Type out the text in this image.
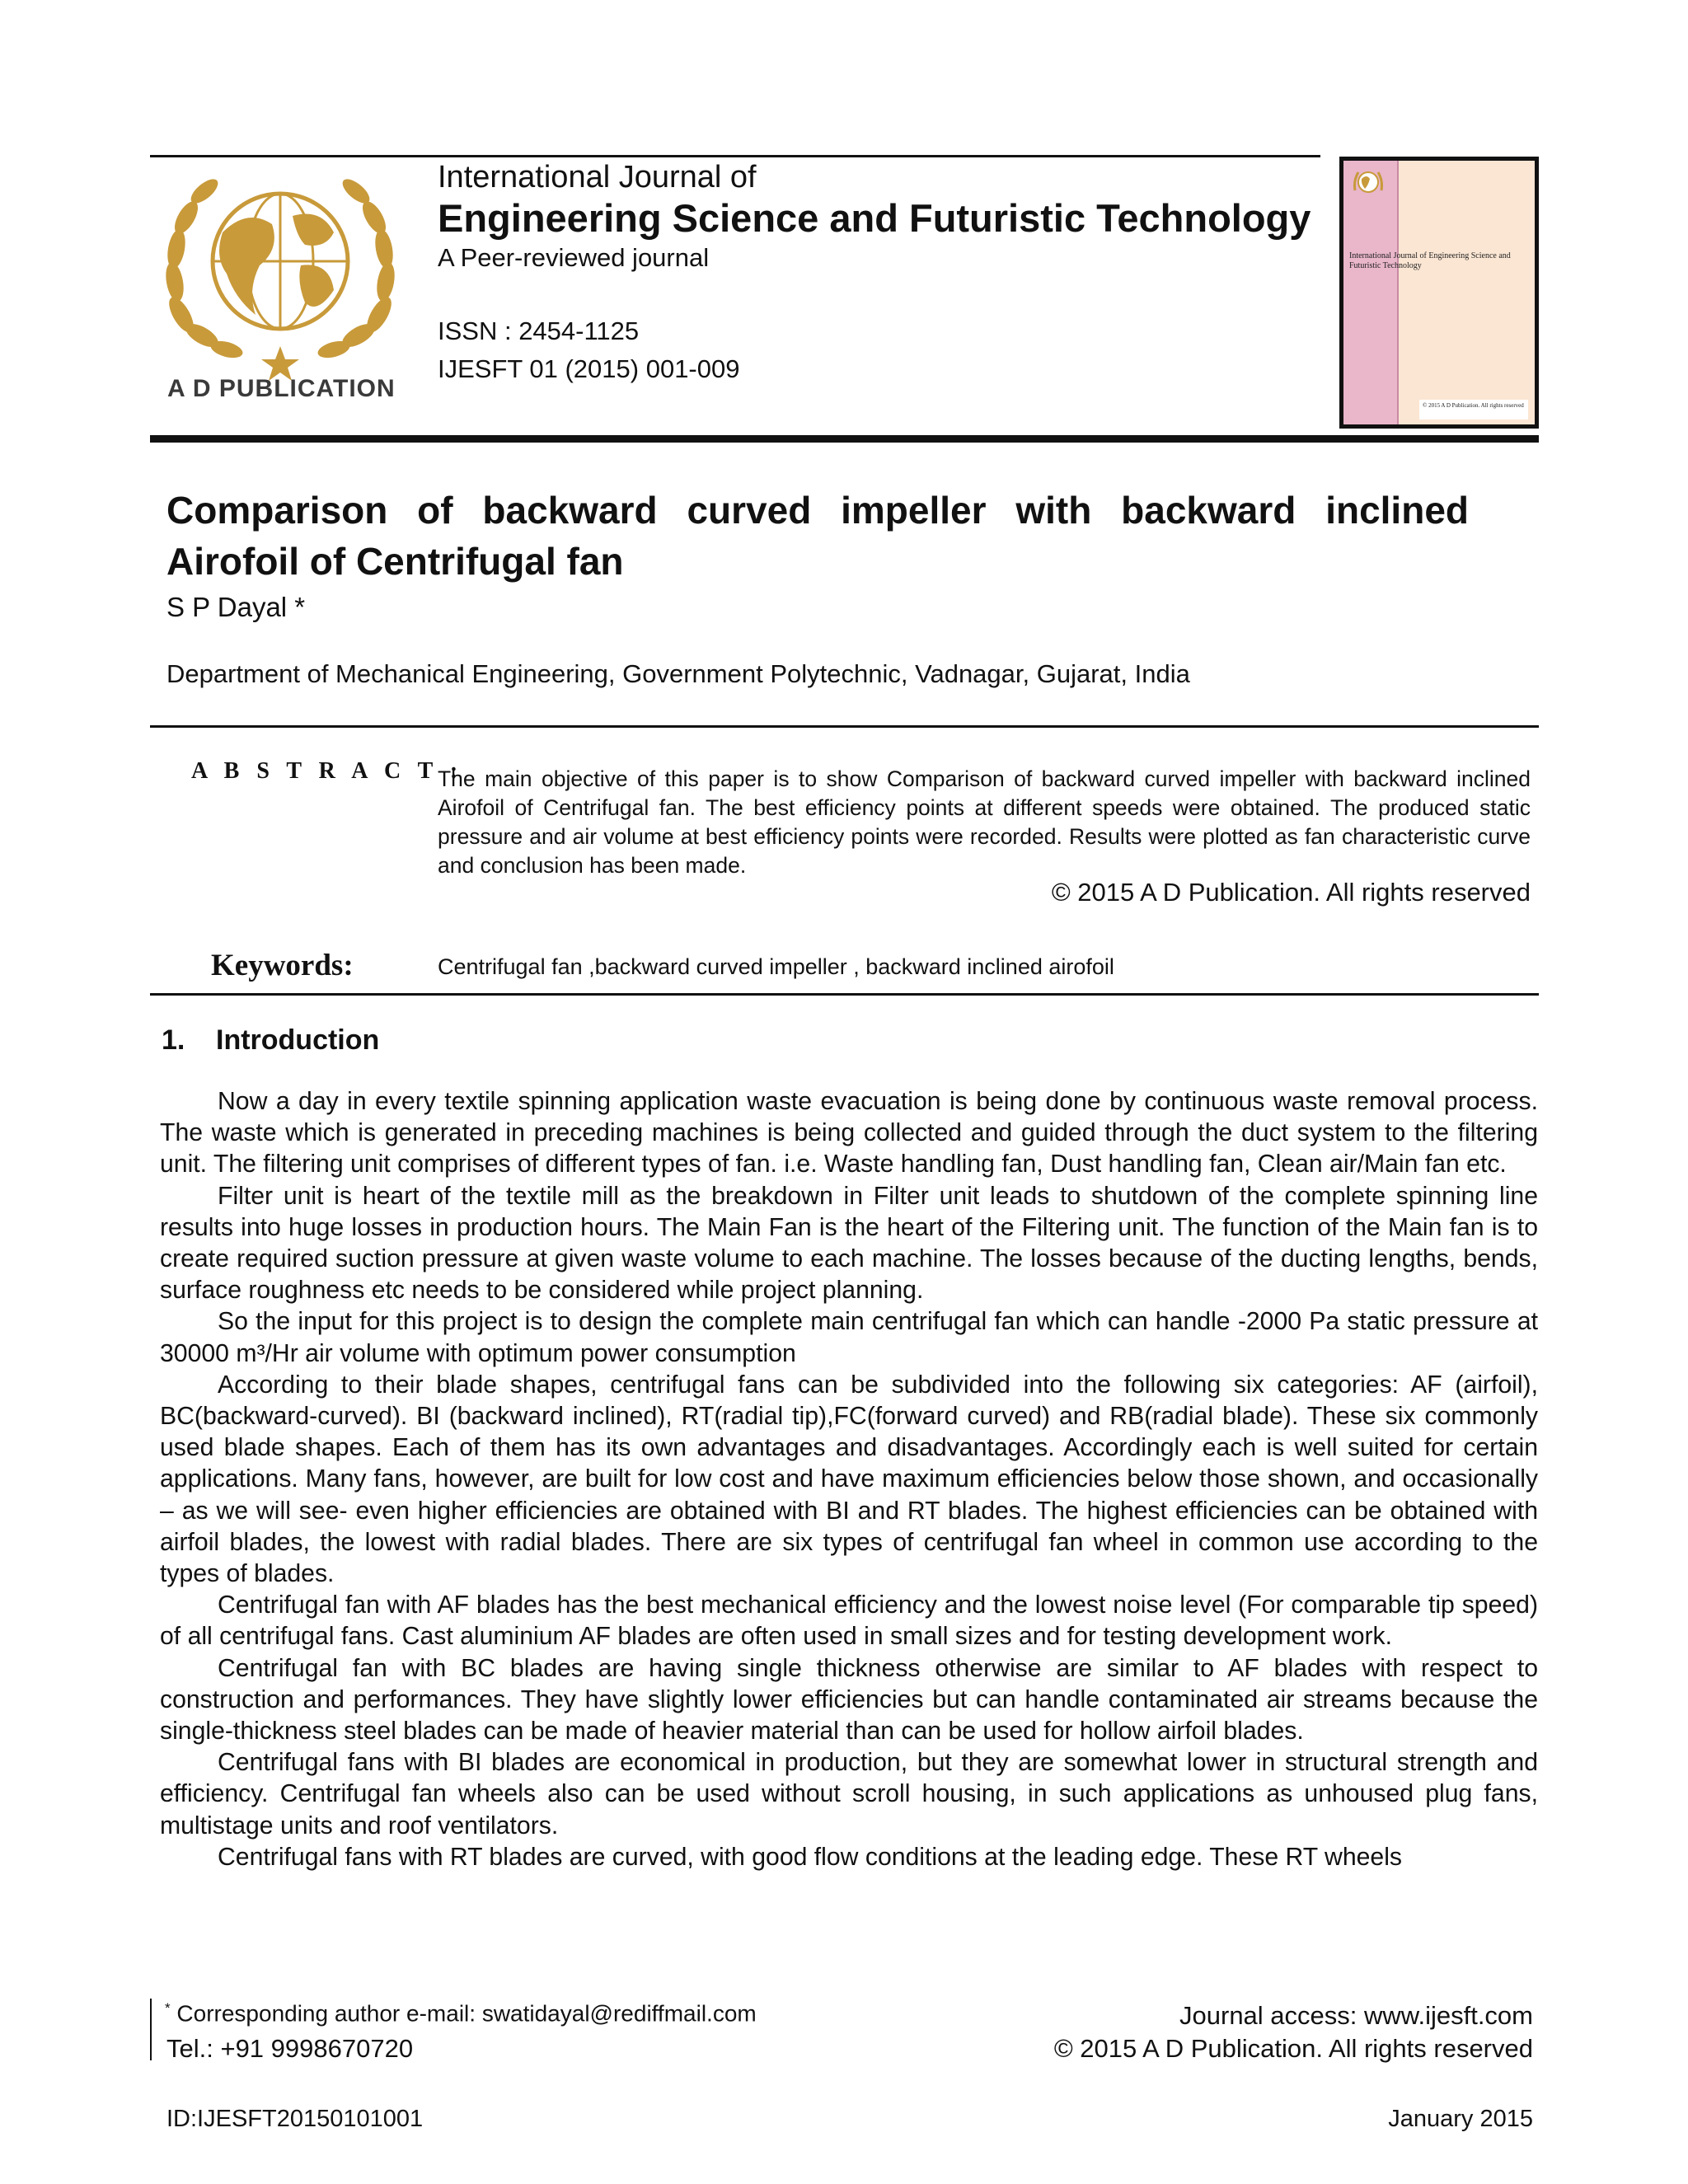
A D PUBLICATION
International Journal of
Engineering Science and Futuristic Technology
A Peer-reviewed journal
ISSN : 2454-1125
IJESFT 01 (2015) 001-009
International Journal of Engineering Science and Futuristic Technology
© 2015 A D Publication. All rights reserved
Comparison of backward curved impeller with backward inclined Airofoil of Centrifugal fan
S P Dayal *
Department of Mechanical Engineering, Government Polytechnic, Vadnagar, Gujarat, India
A B S T R A C T :
The main objective of this paper is to show Comparison of backward curved impeller with backward inclined Airofoil of Centrifugal fan. The best efficiency points at different speeds were obtained. The produced static pressure and air volume at best efficiency points were recorded. Results were plotted as fan characteristic curve and conclusion has been made.
© 2015 A D Publication. All rights reserved
Keywords:	Centrifugal fan ,backward curved impeller , backward inclined airofoil
1. Introduction

Now a day in every textile spinning application waste evacuation is being done by continuous waste removal process. The waste which is generated in preceding machines is being collected and guided through the duct system to the filtering unit. The filtering unit comprises of different types of fan. i.e. Waste handling fan, Dust handling fan, Clean air/Main fan etc.

Filter unit is heart of the textile mill as the breakdown in Filter unit leads to shutdown of the complete spinning line results into huge losses in production hours. The Main Fan is the heart of the Filtering unit. The function of the Main fan is to create required suction pressure at given waste volume to each machine. The losses because of the ducting lengths, bends, surface roughness etc needs to be considered while project planning.

So the input for this project is to design the complete main centrifugal fan which can handle -2000 Pa static pressure at 30000 m³/Hr air volume with optimum power consumption

According to their blade shapes, centrifugal fans can be subdivided into the following six categories: AF (airfoil), BC(backward-curved). BI (backward inclined), RT(radial tip),FC(forward curved) and RB(radial blade). These six commonly used blade shapes. Each of them has its own advantages and disadvantages. Accordingly each is well suited for certain applications. Many fans, however, are built for low cost and have maximum efficiencies below those shown, and occasionally – as we will see- even higher efficiencies are obtained with BI and RT blades. The highest efficiencies can be obtained with airfoil blades, the lowest with radial blades. There are six types of centrifugal fan wheel in common use according to the types of blades.

Centrifugal fan with AF blades has the best mechanical efficiency and the lowest noise level (For comparable tip speed) of all centrifugal fans. Cast aluminium AF blades are often used in small sizes and for testing development work.

Centrifugal fan with BC blades are having single thickness otherwise are similar to AF blades with respect to construction and performances. They have slightly lower efficiencies but can handle contaminated air streams because the single-thickness steel blades can be made of heavier material than can be used for hollow airfoil blades.

Centrifugal fans with BI blades are economical in production, but they are somewhat lower in structural strength and efficiency. Centrifugal fan wheels also can be used without scroll housing, in such applications as unhoused plug fans, multistage units and roof ventilators.

Centrifugal fans with RT blades are curved, with good flow conditions at the leading edge. These RT wheels

* Corresponding author e-mail: swatidayal@rediffmail.com
Tel.: +91 9998670720
Journal access: www.ijesft.com
© 2015 A D Publication. All rights reserved
ID:IJESFT20150101001	January 2015
